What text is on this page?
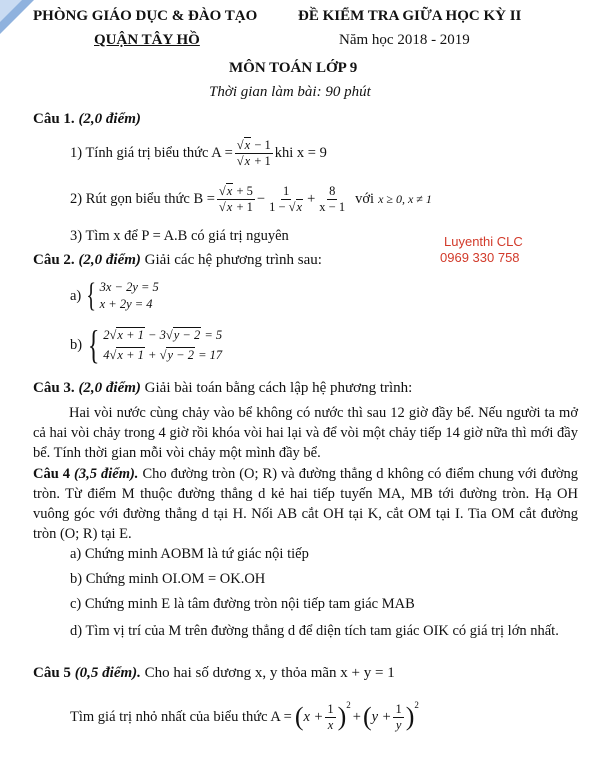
PHÒNG GIÁO DỤC & ĐÀO TẠO
QUẬN TÂY HỒ
ĐỀ KIỂM TRA GIỮA HỌC KỲ II
Năm học 2018 - 2019
MÔN TOÁN LỚP 9
Thời gian làm bài: 90 phút
Câu 1. (2,0 điểm)
1) Tính giá trị biểu thức $A = \frac{√x - 1}{√x + 1}$ khi x = 9
2) Rút gọn biểu thức $B = \frac{√x + 5}{√x + 1} - \frac{1}{1 - √x} + \frac{8}{x - 1}$ với x ≥ 0, x ≠ 1
3) Tìm x để P = A.B có giá trị nguyên	Luyenthi CLC
0969 330 758
Câu 2. (2,0 điểm) Giải các hệ phương trình sau:
a) { 3x − 2y = 5
x + 2y = 4
b) { 2√x + 1 − 3√y − 2 = 5
4√x + 1 + √y − 2 = 17
Câu 3. (2,0 điểm) Giải bài toán bằng cách lập hệ phương trình:
Hai vòi nước cùng chảy vào bể không có nước thì sau 12 giờ đầy bể. Nếu người ta mở cả hai vòi chảy trong 4 giờ rồi khóa vòi hai lại và để vòi một chảy tiếp 14 giờ nữa thì mới đầy bể. Tính thời gian mỗi vòi chảy một mình đầy bể.
Câu 4 (3,5 điểm). Cho đường tròn (O; R) và đường thẳng d không có điểm chung với đường tròn. Từ điểm M thuộc đường thẳng d kẻ hai tiếp tuyến MA, MB tới đường tròn. Hạ OH vuông góc với đường thẳng d tại H. Nối AB cắt OH tại K, cắt OM tại I. Tia OM cắt đường tròn (O; R) tại E.
a) Chứng minh AOBM là tứ giác nội tiếp
b) Chứng minh OI.OM = OK.OH
c) Chứng minh E là tâm đường tròn nội tiếp tam giác MAB
d) Tìm vị trí của M trên đường thẳng d để diện tích tam giác OIK có giá trị lớn nhất.
Câu 5 (0,5 điểm). Cho hai số dương x, y thỏa mãn x + y = 1
Tìm giá trị nhỏ nhất của biểu thức A = ( $x + \frac{1}{x} )^2$
+ ( $y + \frac{1}{y} )^2$
